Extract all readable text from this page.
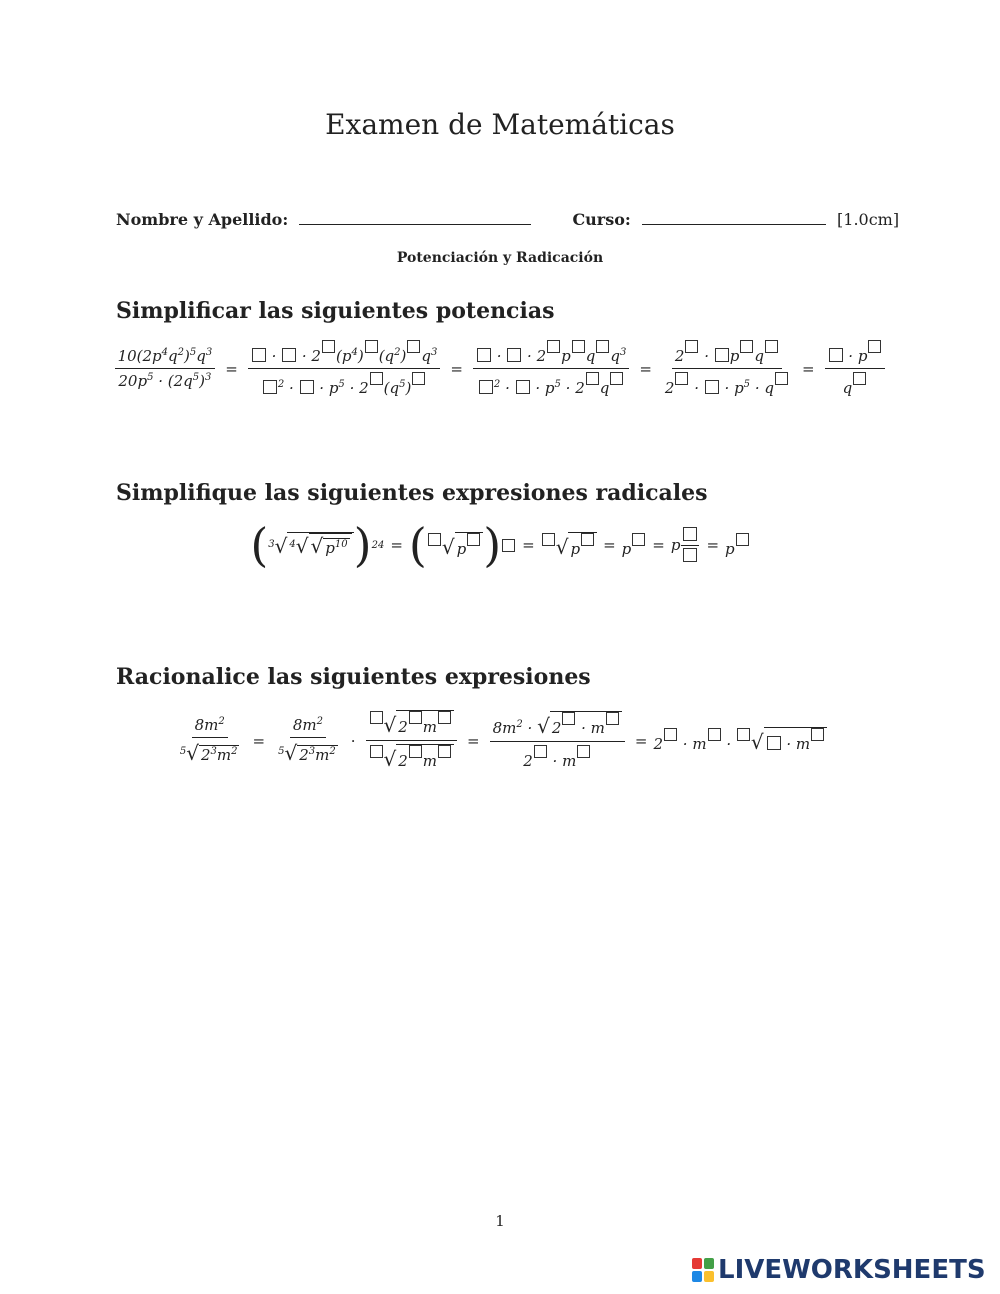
Examen de Matemáticas
Nombre y Apellido:	Curso:	[1.0cm]
Potenciación y Radicación
Simplificar las siguientes potencias
$\frac{10(2p^4q^2)^5q^3}{20p^5 \cdot (2q^5)^3} = \frac{\cdot \cdot 2 (p^4) (q^2) q^3}{^2 \cdot \cdot p^5 \cdot 2 (q^5)} = \frac{\cdot \cdot 2 p q q^3}{^2 \cdot \cdot p^5 \cdot 2 q} = \frac{\text{2 · p q}}{2 \cdot \cdot p^5 \cdot q} = \frac{\cdot p}{q}$
Simplifique las siguientes expresiones radicales
( $^3$√ $^4$√ √ $p^{10}$ ) 24 = ( √ p ) =	√ p	= p	= p	= p
Racionalice las siguientes expresiones
$\frac{8m^2}{^5√ 2^3m^2} = \frac{8m^2}{^5√ 2^3m^2} \cdot \frac{√ 2 m}{√ 2 m} = \frac{8m^2 \cdot √ 2 \cdot m}{2 \cdot m} = 2 \cdot m$ · √ · m
1
LIVEWORKSHEETS
